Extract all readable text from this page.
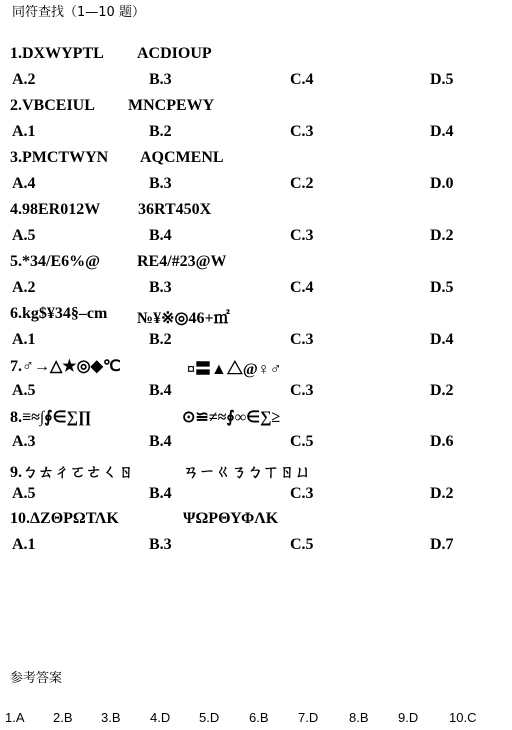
同符查找（1—10 题）
1.DXWYPTL ACDIOUP
A.2	B.3	C.4	D.5
2.VBCEIUL MNCPEWY
A.1	B.2	C.3	D.4
3.PMCTWYN AQCMENL
A.4	B.3	C.2	D.0
4.98ER012W 36RT450X
A.5	B.4	C.3	D.2
5.*34/E6%@ RE4/#23@W
A.2	B.3	C.4	D.5
6.kg$¥34§–cm №¥※◎46+㎡
A.1	B.2	C.3	D.4
7.♂→△★◎◆℃	¤〓▲△@♀♂
A.5	B.4	C.3	D.2
8.≡≈∫∮∈∑∏	⊙≌≠≈∮∞∈∑≥
A.3	B.4	C.5	D.6
9.ㄅㄊㄔㄛㄜㄑㄖ	ㄢㄧㄍㄋㄅㄒㄖㄩ
A.5	B.4	C.3	D.2
10.ΔΖΘΡΩΤΛΚ	ΨΩΡΘΥΦΛΚ
A.1	B.3	C.5	D.7
参考答案
1.A 2.B 3.B 4.D 5.D 6.B 7.D 8.B 9.D 10.C
